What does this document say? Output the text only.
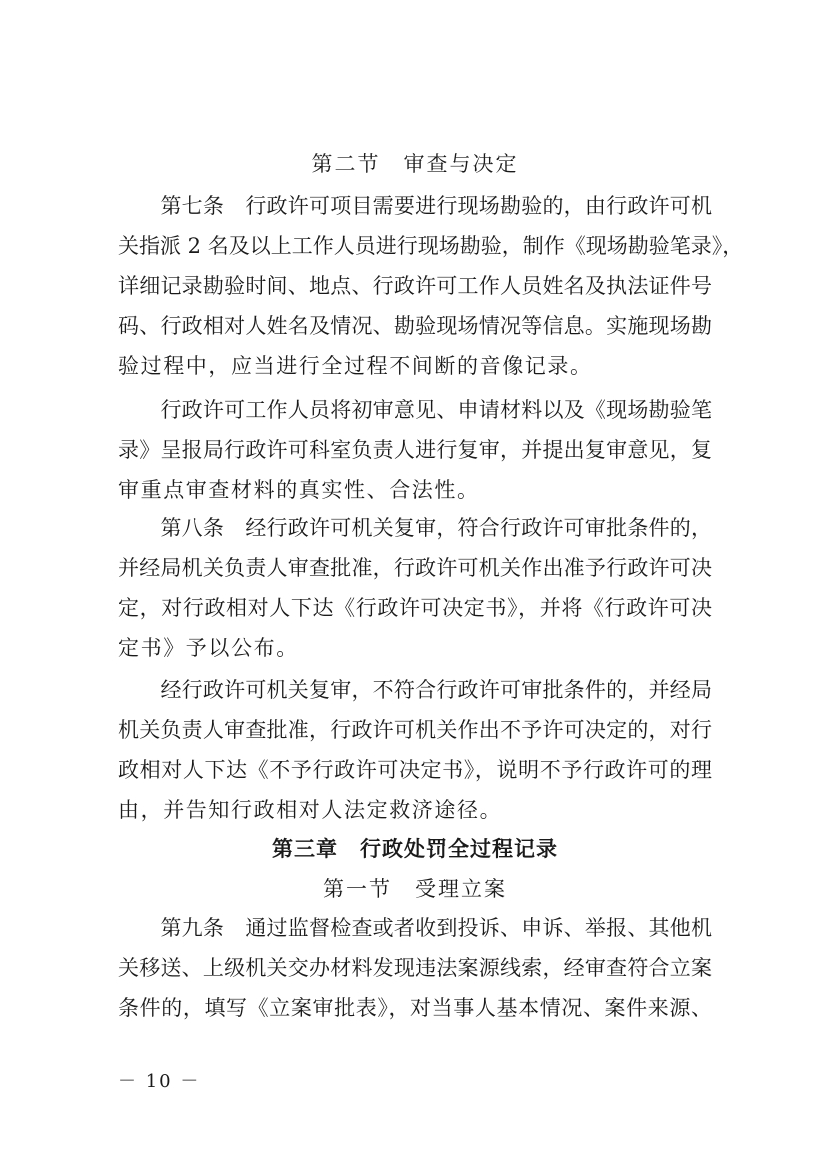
第二节　审查与决定
　　第七条　行政许可项目需要进行现场勘验的，由行政许可机
关指派 2 名及以上工作人员进行现场勘验，制作《现场勘验笔录》，
详细记录勘验时间、地点、行政许可工作人员姓名及执法证件号
码、行政相对人姓名及情况、勘验现场情况等信息。实施现场勘
验过程中，应当进行全过程不间断的音像记录。
　　行政许可工作人员将初审意见、申请材料以及《现场勘验笔
录》呈报局行政许可科室负责人进行复审，并提出复审意见，复
审重点审查材料的真实性、合法性。
　　第八条　经行政许可机关复审，符合行政许可审批条件的，
并经局机关负责人审查批准，行政许可机关作出准予行政许可决
定，对行政相对人下达《行政许可决定书》，并将《行政许可决
定书》予以公布。
　　经行政许可机关复审，不符合行政许可审批条件的，并经局
机关负责人审查批准，行政许可机关作出不予许可决定的，对行
政相对人下达《不予行政许可决定书》，说明不予行政许可的理
由，并告知行政相对人法定救济途径。
第三章　行政处罚全过程记录
第一节　受理立案
　　第九条　通过监督检查或者收到投诉、申诉、举报、其他机
关移送、上级机关交办材料发现违法案源线索，经审查符合立案
条件的，填写《立案审批表》，对当事人基本情况、案件来源、
－ 10 －
